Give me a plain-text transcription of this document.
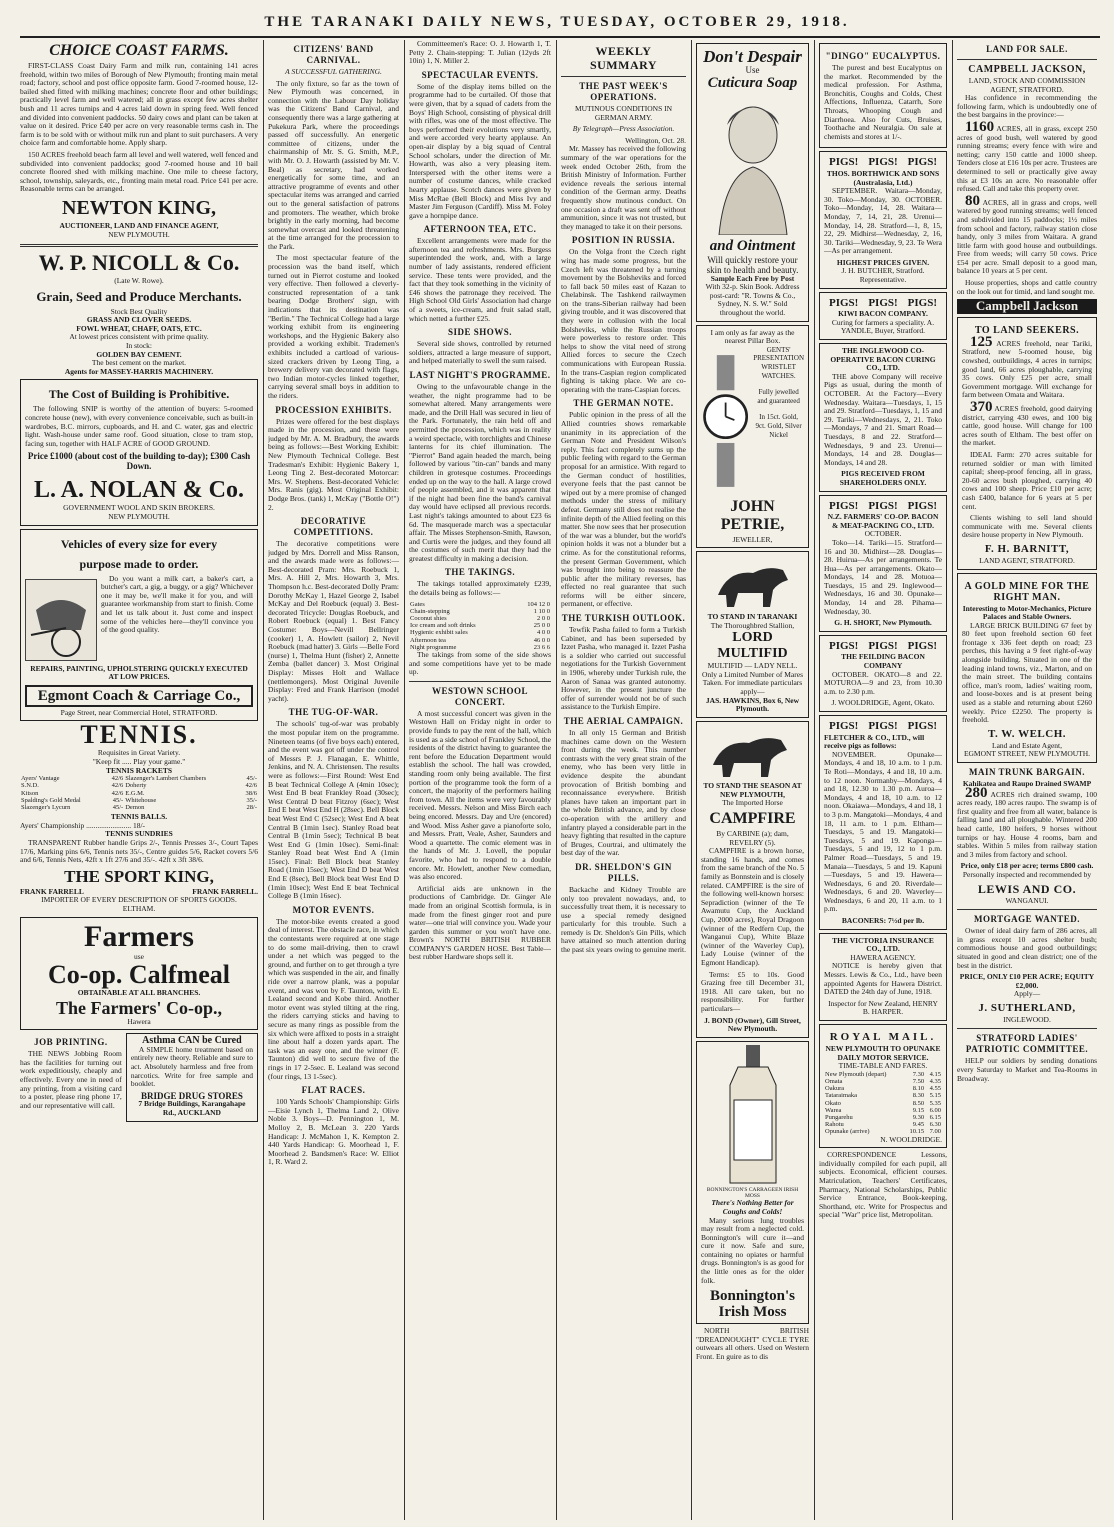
THE TARANAKI DAILY NEWS, TUESDAY, OCTOBER 29, 1918.
CHOICE COAST FARMS.

FIRST-CLASS Coast Dairy Farm and milk run, containing 141 acres freehold, within two miles of Borough of New Plymouth; fronting main metal road; factory, school and post office opposite farm. Good 7-roomed house, 12-bailed shed fitted with milking machines; concrete floor and other buildings; practically level farm and well watered; all in grass except few acres shelter bush and 11 acres turnips and 4 acres laid down in spring feed. Well fenced and divided into convenient paddocks. 50 dairy cows and plant can be taken at value on it desired. Price £40 per acre on very reasonable terms cash in. The farm is to be sold with or without milk run and plant to suit purchasers. A very choice farm and comfortable home. Apply sharp.

150 ACRES freehold beach farm all level and well watered, well fenced and subdivided into convenient paddocks; good 7-roomed house and 10 bail concrete floored shed with milking machine. One mile to cheese factory, school, township, saleyards, etc., fronting main metal road. Price £41 per acre. Reasonable terms can be arranged.

NEWTON KING,
AUCTIONEER, LAND AND FINANCE AGENT,
NEW PLYMOUTH.
W. P. NICOLL & Co.
(Late W. Rowe).
Grain, Seed and Produce Merchants.
Stock Best Quality
GRASS AND CLOVER SEEDS.
FOWL WHEAT, CHAFF, OATS, ETC.
At lowest prices consistent with prime quality.
In stock:
GOLDEN BAY CEMENT.
The best cement on the market.
Agents for MASSEY-HARRIS MACHINERY.
The Cost of Building is Prohibitive.

The following SNIP is worthy of the attention of buyers: 5-roomed concrete house (new), with every convenience conceivable, such as built-in wardrobes, B.C. mirrors, cupboards, and H. and C. water, gas and electric light. Wash-house under same roof. Good situation, close to tram stop, facing sun, together with HALF ACRE of GOOD GROUND.

Price £1000 (about cost of the building to-day); £300 Cash Down.
L. A. NOLAN & Co.
GOVERNMENT WOOL AND SKIN BROKERS.
NEW PLYMOUTH.
Vehicles of every size for every
purpose made to order.

Do you want a milk cart, a baker's cart, a butcher's cart, a gig, a buggy, or a gig? Whichever one it may be, we'll make it for you, and will guarantee workmanship from start to finish. Come and let us talk about it. Just come and inspect some of the vehicles here—they'll convince you of the good quality.

REPAIRS, PAINTING, UPHOLSTERING QUICKLY EXECUTED AT LOW PRICES.
Egmont Coach & Carriage Co.,
Page Street, near Commercial Hotel, STRATFORD.
TENNIS.
Requisites in Great Variety.
"Keep fit ..... Play your game."
TENNIS RACKETS
Ayers' Vantage	42/6	Slazenger's Lambert Chambers	45/-
S.N.D.	42/6	Doherty	42/6
Kitson	42/6	E.G.M.	38/6
Spalding's Gold Medal	45/-	Whitehouse	35/-
Slazenger's Lycurn	45/-	Demon	28/-
TENNIS BALLS.
Ayers' Championship ........................ 18/-
TENNIS SUNDRIES

TRANSPARENT Rubber handle Grips 2/-, Tennis Presses 3/-, Court Tapes 17/6, Marking pins 6/6, Tennis nets 35/-, Centre guides 5/6, Racket covers 5/6 and 6/6, Tennis Nets, 42ft x 1ft 27/6 and 35/-. 42ft x 3ft 38/6.

THE SPORT KING,
FRANK FARRELL	FRANK FARRELL.
IMPORTER OF EVERY DESCRIPTION OF SPORTS GOODS.
ELTHAM.
Farmers
use
Co-op. Calfmeal
OBTAINABLE AT ALL BRANCHES.
The Farmers' Co-op.,
Hawera
JOB PRINTING.

THE NEWS Jobbing Room has the facilities for turning out work expeditiously, cheaply and effectively. Every one in need of any printing, from a visiting card to a poster, please ring phone 17, and our representative will call.

Asthma CAN be Cured

A SIMPLE home treatment based on entirely new theory. Reliable and sure to act. Absolutely harmless and free from narcotics. Write for free sample and booklet.

BRIDGE DRUG STORES
7 Bridge Buildings, Karangahape Rd., AUCKLAND
CITIZENS' BAND CARNIVAL.
A SUCCESSFUL GATHERING.

The only fixture, so far as the town of New Plymouth was concerned, in connection with the Labour Day holiday was the Citizens' Band Carnival, and consequently there was a large gathering at Pukekura Park, where the proceedings passed off successfully. An energetic committee of citizens, under the chairmanship of Mr. S. G. Smith, M.P., with Mr. O. J. Howarth (assisted by Mr. V. Beal) as secretary, had worked energetically for some time, and an attractive programme of events and other spectacular items was arranged and carried out to the general satisfaction of patrons and promoters. The weather, which broke brightly in the early morning, had become somewhat overcast and looked threatening at the time arranged for the procession to the Park.

The most spectacular feature of the procession was the band itself, which turned out in Pierrot costume and looked very effective. Then followed a cleverly-constructed representation of a tank bearing Dodge Brothers' sign, with indications that its destination was "Berlin." The Technical College had a large working exhibit from its engineering workshops, and the Hygienic Bakery also provided a working exhibit. Trademen's exhibits included a cartload of various-sized crackers driven by Leong Ting, a brewery delivery van decorated with flags, two Indian motor-cycles linked together, carrying several small boys in addition to the riders.

PROCESSION EXHIBITS.

Prizes were offered for the best displays made in the procession, and these were judged by Mr. A. M. Bradbury, the awards being as follows:—Best Working Exhibit: New Plymouth Technical College. Best Tradesman's Exhibit: Hygienic Bakery 1, Leong Ting 2. Best-decorated Motorcar: Mrs. W. Stephens. Best-decorated Vehicle: Mrs. Ranis (gig). Most Original Exhibit: Dodge Bros. (tank) 1, McKay ("Bottle O!") 2.

DECORATIVE COMPETITIONS.

The decorative competitions were judged by Mrs. Dorrell and Miss Ranson, and the awards made were as follows:—Best-decorated Pram: Mrs. Roebuck 1, Mrs. A. Hill 2, Mrs. Howarth 3, Mrs. Thompson h.c. Best-decorated Dolly Pram: Dorothy McKay 1, Hazel George 2, Isabel McKay and Del Roebuck (equal) 3. Best-decorated Tricycle: Douglas Roebuck, and Robert Roebuck (equal) 1. Best Fancy Costume: Boys—Nevill Bellringer (cooker) 1, A. Howlett (sailor) 2, Nevil Roebuck (mad hatter) 3. Girls —Belle Ford (nurse) 1, Thelma Hunt (fisher) 2, Annette Zemba (ballet dancer) 3. Most Original Display: Misses Holt and Wallace (nettlemongers). Most Original Juvenile Display: Fred and Frank Harrison (model yacht).

THE TUG-OF-WAR.

The schools' tug-of-war was probably the most popular item on the programme. Nineteen teams (of five boys each) entered, and the event was got off under the control of Messrs P. J. Flanagan, E. Whittle, Jenkins, and N. A. Christensen. The results were as follows:—First Round: West End B beat Technical College A (4min 10sec); West End B beat Frankley Road (30sec); West Central D beat Fitzroy (6sec); West End E beat West End H (28sec). Bell Block beat West End C (52sec); West End A beat Central B (1min 1sec). Stanley Road beat Central B (1min 5sec); Technical B beat West End G (1min 10sec). Semi-final: Stanley Road beat West End A (1min 15sec). Final: Bell Block beat Stanley Road (1min 15sec); West End D beat West End E (8sec), Bell Block beat West End D (1min 10sec); West End E beat Technical College B (1min 16sec).

MOTOR EVENTS.

The motor-bike events created a good deal of interest. The obstacle race, in which the contestants were required at one stage to do some mail-driving, then to crawl under a net which was pegged to the ground, and further on to get through a tyre which was suspended in the air, and finally ride over a narrow plank, was a popular event, and was won by F. Taunton, with E. Lealand second and Kobe third. Another motor event was styled tilting at the ring, the riders carrying sticks and having to secure as many rings as possible from the six which were affixed to posts in a straight line about half a dozen yards apart. The task was an easy one, and the winner (F. Taunton) did well to secure five of the rings in 17 2-5sec. E. Lealand was second (four rings, 13 1-5sec).

FLAT RACES.

100 Yards Schools' Championship: Girls—Eisie Lynch 1, Thelma Land 2, Olive Noble 3. Boys—D. Pennington 1, M. Molloy 2, B. McLean 3. 220 Yards Handicap: J. McMahon 1, K. Kempton 2. 440 Yards Handicap: G. Moorhead 1, F. Moorhead 2. Bandsmen's Race: W. Elliot 1, R. Ward 2.

Committeemen's Race: O. J. Howarth 1, T. Petty 2. Chain-stepping: T. Julian (12yds 2ft 10in) 1, N. Miller 2.

SPECTACULAR EVENTS.

Some of the display items billed on the programme had to be curtailed. Of those that were given, that by a squad of cadets from the Boys' High School, consisting of physical drill with rifles, was one of the most effective. The boys performed their evolutions very smartly, and were accorded very hearty applause. An open-air display by a big squad of Central School scholars, under the direction of Mr. Howarth, was also a very pleasing item. Interspersed with the other items were a number of costume dances, while cracked hearty applause. Scotch dances were given by Miss McRae (Bell Block) and Miss Ivy and Master Jim Ferguson (Cardiff). Miss M. Foley gave a hornpipe dance.

AFTERNOON TEA, ETC.

Excellent arrangements were made for the afternoon tea and refreshments. Mrs. Burgess superintended the work, and, with a large number of lady assistants, rendered efficient service. These tents were provided, and the fact that they took something in the vicinity of £46 shows the patronage they received. The High School Old Girls' Association had charge of a sweets, ice-cream, and fruit salad stall, which netted a further £25.

SIDE SHOWS.

Several side shows, controlled by returned soldiers, attracted a large measure of support, and helped materially to swell the sum raised.

LAST NIGHT'S PROGRAMME.

Owing to the unfavourable change in the weather, the night programme had to be somewhat altered. Many arrangements were made, and the Drill Hall was secured in lieu of the Park. Fortunately, the rain held off and permitted the procession, which was in reality a weird spectacle, with torchlights and Chinese lanterns for its chief illumination. The "Pierrot" Band again headed the march, being followed by various "tin-can" bands and many children in grotesque costumes. Proceedings ended up on the way to the hall. A large crowd of people assembled, and it was apparent that if the night had been fine the band's carnival day would have eclipsed all previous records. Last night's takings amounted to about £23 6s 6d. The masquerade march was a spectacular affair. The Misses Stephenson-Smith, Rawson, and Curtis were the judges, and they found all the costumes of such merit that they had the greatest difficulty in making a decision.

THE TAKINGS.

The takings totalled approximately £239, the details being as follows:—

Gates	104 12 0
Chain-stepping	1 10 0
Coconut shies	2 0 0
Ice cream and soft drinks	25 0 0
Hygienic exhibit sales	4 0 0
Afternoon tea	46 0 0
Night programme	23 6 6

The takings from some of the side shows and some competitions have yet to be made up.

WESTOWN SCHOOL CONCERT.

A most successful concert was given in the Westown Hall on Friday night in order to provide funds to pay the rent of the hall, which is used as a side school of Frankley School, the residents of the district having to guarantee the rent before the Education Department would establish the school. The hall was crowded, standing room only being available. The first portion of the programme took the form of a concert, the majority of the performers hailing from town. All the items were very favourably received. Messrs. Nelson and Miss Birch each being encored. Messrs. Day and Ure (encored) and Wood. Miss Asher gave a pianoforte solo, and Messrs. Pratt, Veale, Asher, Saunders and Wood a quartette. The comic element was in the hands of Mr. J. Lovell, the popular favorite, who had to respond to a double encore. Mr. Howlett, another New comedian, was also encored.

Artificial aids are unknown in the productions of Cambridge. Dr. Ginger Ale made from an original Scottish formula, is in made from the finest ginger root and pure water—one trial will convince you. Wade your garden this summer or you won't have one. Brown's NORTH BRITISH RUBBER COMPANY'S GARDEN HOSE. Best Table—best rubber Hardware shops sell it.

WEEKLY SUMMARY
THE PAST WEEK'S OPERATIONS.
MUTINOUS CONDITIONS IN GERMAN ARMY.
By Telegraph—Press Association.
Wellington, Oct. 28.

Mr. Massey has received the following summary of the war operations for the week ended October 26th, from the British Ministry of Information. Further evidence reveals the serious internal condition of the German army. Deaths frequently show mutinous conduct. On one occasion a draft was sent off without ammunition, since it was not trusted, but they managed to take it on their persons.

POSITION IN RUSSIA.

On the Volga front the Czech right wing has made some progress, but the Czech left was threatened by a turning movement by the Bolsheviks and forced to fall back 50 miles east of Kazan to Chelabinsk. The Tashkend railwaymen on the trans-Siberian railway had been giving trouble, and it was discovered that they were in collusion with the local Bolsheviks, while the Russian troops were powerless to restore order. This helps to show the vital need of strong Allied forces to secure the Czech communications with European Russia. In the trans-Caspian region complicated fighting is taking place. We are co-operating with the trans-Caspian forces.

THE GERMAN NOTE.

Public opinion in the press of all the Allied countries shows remarkable unanimity in its appreciation of the German Note and President Wilson's reply. This fact completely sums up the public feeling with regard to the German proposal for an armistice. With regard to the German conduct of hostilities, everyone feels that the past cannot be wiped out by a mere promise of changed methods under the stress of military defeat. Germany still does not realise the infinite depth of the Allied feeling on this matter. She now sees that her prosecution of the war was a blunder, but the world's opinion holds it was not a blunder but a crime. As for the constitutional reforms, the present German Government, which was brought into being to reassure the public after the military reverses, has effected no real guarantee that such reforms will be either sincere, permanent, or effective.

THE TURKISH OUTLOOK.

Tewfik Pasha failed to form a Turkish Cabinet, and has been superseded by Izzet Pasha, who managed it. Izzet Pasha is a soldier who carried out successful negotiations for the Turkish Government in 1906, whereby under Turkish rule, the Aaron of Sanaa was granted autonomy. However, in the present juncture the offer of surrender would not be of such assistance to the Turkish Empire.

THE AERIAL CAMPAIGN.

In all only 15 German and British machines came down on the Western front during the week. This number contrasts with the very great strain of the enemy, who has been very little in evidence despite the abundant provocation of British bombing and reconnaissance everywhere. British planes have taken an important part in the whole British advance, and by close co-operation with the artillery and infantry played a considerable part in the heavy fighting that resulted in the capture of Bruges, Courtrai, and ultimately the best day of the war.

DR. SHELDON'S GIN PILLS.

Backache and Kidney Trouble are only too prevalent nowadays, and, to successfully treat them, it is necessary to use a special remedy designed particularly for this trouble. Such a remedy is Dr. Sheldon's Gin Pills, which have attained so much attention during the past six years owing to genuine merit.

Don't Despair
Use
Cuticura Soap
and Ointment
Will quickly restore your skin to health and beauty.
Sample Each Free by Post
With 32-p. Skin Book. Address post-card: "R. Towns & Co., Sydney, N. S. W." Sold throughout the world.
I am only as far away as the nearest Pillar Box.
GENTS'
PRESENTATION
WRISTLET
WATCHES.
Fully jewelled and guaranteed
In 15ct. Gold, 9ct. Gold, Silver Nickel
JOHN PETRIE,
JEWELLER,
TO STAND IN TARANAKI
The Thoroughbred Stallion,
LORD MULTIFID
MULTIFID — LADY NELL.
Only a Limited Number of Mares Taken. For immediate particulars apply—
JAS. HAWKINS, Box 6, New Plymouth.
TO STAND THE SEASON AT NEW PLYMOUTH,
The Imported Horse
CAMPFIRE
By CARBINE (a); dam, REVELRY (5).

CAMPFIRE is a brown horse, standing 16 hands, and comes from the same branch of the No. 5 family as Bonnstein and is closely related. CAMPFIRE is the sire of the following well-known horses: Sepradiction (winner of the Te Awamutu Cup, the Auckland Cup, 2000 acres), Royal Dragoon (winner of the Redfern Cup, the Wanganui Cup), White Blaze (winner of the Waverley Cup), Lady Louise (winner of the Egmont Handicap).

Terms: £5 to 10s. Good Grazing free till December 31, 1918. All care taken, but no responsibility. For further particulars—

J. BOND (Owner), Gill Street, New Plymouth.
BONNINGTON'S CARRAGEEN IRISH MOSS
There's Nothing Better for Coughs and Colds!

Many serious lung troubles may result from a neglected cold. Bonnington's will cure it—and cure it now. Safe and sure, containing no opiates or harmful drugs. Bonnington's is as good for the little ones as for the older folk.

Bonnington's
Irish Moss

NORTH BRITISH "DREADNOUGHT" CYCLE TYRE outwears all others. Used on Western Front. En guire as to dis

"DINGO" EUCALYPTUS.

The purest and best Eucalyptus on the market. Recommended by the medical profession. For Asthma, Bronchitis, Coughs and Colds, Chest Affections, Influenza, Catarrh, Sore Throats, Whooping Cough and Diarrhoea. Also for Cuts, Bruises, Toothache and Neuralgia. On sale at chemists and stores at 1/-.

PIGS! PIGS! PIGS!
THOS. BORTHWICK AND SONS (Australasia, Ltd.)

SEPTEMBER. Waitara—Monday, 30. Toko—Monday, 30. OCTOBER. Toko—Monday, 14, 28. Waitara—Monday, 7, 14, 21, 28. Urenui—Monday, 14, 28. Stratford—1, 8, 15, 22, 29. Midhirst—Wednesday, 2, 16, 30. Tariki—Wednesday, 9, 23. Te Wera—As per arrangement.

HIGHEST PRICES GIVEN.
J. H. BUTCHER, Stratford. Representative.
PIGS! PIGS! PIGS!
KIWI BACON COMPANY.
Curing for farmers a speciality. A. YANDLE, Buyer, Stratford.
THE INGLEWOOD CO-OPERATIVE BACON CURING CO., LTD.

THE above Company will receive Pigs as usual, during the month of OCTOBER. At the Factory—Every Wednesday. Waitara—Tuesdays, 1, 15 and 29. Stratford—Tuesdays, 1, 15 and 29. Tariki—Wednesdays, 2, 21. Toko—Mondays, 7 and 21. Smart Road—Tuesdays, 8 and 22. Stratford—Wednesdays, 9 and 23. Urenui—Mondays, 14 and 28. Douglas—Mondays, 14 and 28.

PIGS RECEIVED FROM SHAREHOLDERS ONLY.
PIGS! PIGS! PIGS!
N.Z. FARMERS' CO-OP. BACON & MEAT-PACKING CO., LTD.
OCTOBER.

Toko—14. Tariki—15. Stratford—16 and 30. Midhirst—28. Douglas—28. Huirua—As per arrangements. Te Hua—As per arrangements. Okato—Mondays, 14 and 28. Motuoa—Tuesdays, 15 and 29. Inglewood—Wednesdays, 16 and 30. Opunake—Monday, 14 and 28. Pihama—Wednesday, 30.

G. H. SHORT, New Plymouth.
PIGS! PIGS! PIGS!
THE FEILDING BACON COMPANY

OCTOBER. OKATO—8 and 22. MOTUROA—9 and 23, from 10.30 a.m. to 2.30 p.m.

J. WOOLDRIDGE, Agent, Okato.
PIGS! PIGS! PIGS!
FLETCHER & CO., LTD., will receive pigs as follows:

NOVEMBER. Opunake—Mondays, 4 and 18, 10 a.m. to 1 p.m. Te Roti—Mondays, 4 and 18, 10 a.m. to 12 noon. Normanby—Mondays, 4 and 18, 12.30 to 1.30 p.m. Auroa—Mondays, 4 and 18, 10 a.m. to 12 noon. Okaiawa—Mondays, 4 and 18, 1 to 3 p.m. Mangatoki—Mondays, 4 and 18, 11 a.m. to 1 p.m. Eltham—Tuesdays, 5 and 19. Mangatoki—Tuesdays, 5 and 19. Kaponga—Tuesdays, 5 and 19, 12 to 1 p.m. Palmer Road—Tuesdays, 5 and 19. Manaia—Tuesdays, 5 and 19. Kapuni—Tuesdays, 5 and 19. Hawera—Wednesdays, 6 and 20. Riverdale—Wednesdays, 6 and 20. Waverley—Wednesdays, 6 and 20, 11 a.m. to 1 p.m.

BACONERS: 7½d per lb.
THE VICTORIA INSURANCE CO., LTD.
HAWERA AGENCY.

NOTICE is hereby given that Messrs. Lewis & Co., Ltd., have been appointed Agents for Hawera District. DATED the 24th day of June, 1918.

Inspector for New Zealand, HENRY B. HARPER.
ROYAL MAIL.
NEW PLYMOUTH TO OPUNAKE DAILY MOTOR SERVICE.
TIME-TABLE AND FARES.
New Plymouth (depart)	7.30	4.15
Omata	7.50	4.35
Oakura	8.10	4.55
Tataraimaka	8.30	5.15
Okato	8.50	5.35
Warea	9.15	6.00
Pungarehu	9.30	6.15
Rahotu	9.45	6.30
Opunake (arrive)	10.15	7.00
N. WOOLDRIDGE.

CORRESPONDENCE Lessons, individually compiled for each pupil, all subjects. Economical, efficient courses. Matriculation, Teachers' Certificates, Pharmacy, National Scholarships, Public Service Entrance, Book-keeping, Shorthand, etc. Write for Prospectus and special "War" price list, Metropolitan.

LAND FOR SALE.
CAMPBELL JACKSON,
LAND, STOCK AND COMMISSION AGENT, STRATFORD.

Has confidence in recommending the following farm, which is undoubtedly one of the best bargains in the province:—

1160 ACRES, all in grass, except 250 acres of good bush, well watered by good running streams; every fence with wire and netting; carry 150 cattle and 1000 sheep. Tenders close at £16 10s per acre. Trustees are determined to sell or practically give away this at £3 10s an acre. No reasonable offer refused. Call and take this property over.

80 ACRES, all in grass and crops, well watered by good running streams; well fenced and subdivided into 15 paddocks; 1½ miles from school and factory, railway station close handy, only 3 miles from Waitara. A grand little farm with good house and outbuildings. Free from weeds; will carry 50 cows. Price £54 per acre. Small deposit to a good man, balance 10 years at 5 per cent.

House properties, shops and cattle country on the look out for timid, and land sought me.

Campbell Jackson
TO LAND SEEKERS.

125 ACRES freehold, near Tariki, Stratford, new 5-roomed house, big cowshed, outbuildings, 4 acres in turnips; good land, 66 acres ploughable, carrying 35 cows. Only £25 per acre, small Government mortgage. Will exchange for farm between Omata and Waitara.

370 ACRES freehold, good dairying district, carrying 430 ewes, and 100 big cattle, good house. Will change for 100 acres south of Eltham. The best offer on the market.

IDEAL Farm: 270 acres suitable for returned soldier or man with limited capital; sheep-proof fencing, all in grass, 20-60 acres bush ploughed, carrying 40 cows and 100 sheep. Price £10 per acre; cash £400, balance for 6 years at 5 per cent.

Clients wishing to sell land should communicate with me. Several clients desire house property in New Plymouth.

F. H. BARNITT,
LAND AGENT, STRATFORD.
A GOLD MINE FOR THE RIGHT MAN.
Interesting to Motor-Mechanics, Picture Palaces and Stable Owners.

LARGE BRICK BUILDING 67 feet by 80 feet upon freehold section 60 feet frontage x 336 feet depth on road; 23 perches, this having a 9 feet right-of-way alongside building. Situated in one of the leading inland towns, viz., Marton, and on the main street. The building contains office, man's room, ladies' waiting room, and loose-boxes and is at present being used as a stable and returning about £260 weekly. Price £2250. The property is freehold.

T. W. WELCH.
Land and Estate Agent,
EGMONT STREET, NEW PLYMOUTH.
MAIN TRUNK BARGAIN.
Kahikatea and Raupo Drained SWAMP

280 ACRES rich drained swamp, 100 acres ready, 180 acres raupo. The swamp is of first quality and free from all water, balance is falling land and all ploughable. Wintered 200 head cattle, 180 heifers, 9 horses without turnips or hay. House 4 rooms, barn and stables. Within 5 miles from railway station and 3 miles from factory and school.

Price, only £18 per acre; terms £800 cash.
Personally inspected and recommended by
LEWIS AND CO.
WANGANUI.
MORTGAGE WANTED.

Owner of ideal dairy farm of 286 acres, all in grass except 10 acres shelter bush; commodious house and good outbuildings; situated in good and clean district; one of the best in the district.

PRICE, ONLY £10 PER ACRE; EQUITY £2,000.
Apply—
J. SUTHERLAND,
INGLEWOOD.
STRATFORD LADIES' PATRIOTIC COMMITTEE.

HELP our soldiers by sending donations every Saturday to Market and Tea-Rooms in Broadway.
